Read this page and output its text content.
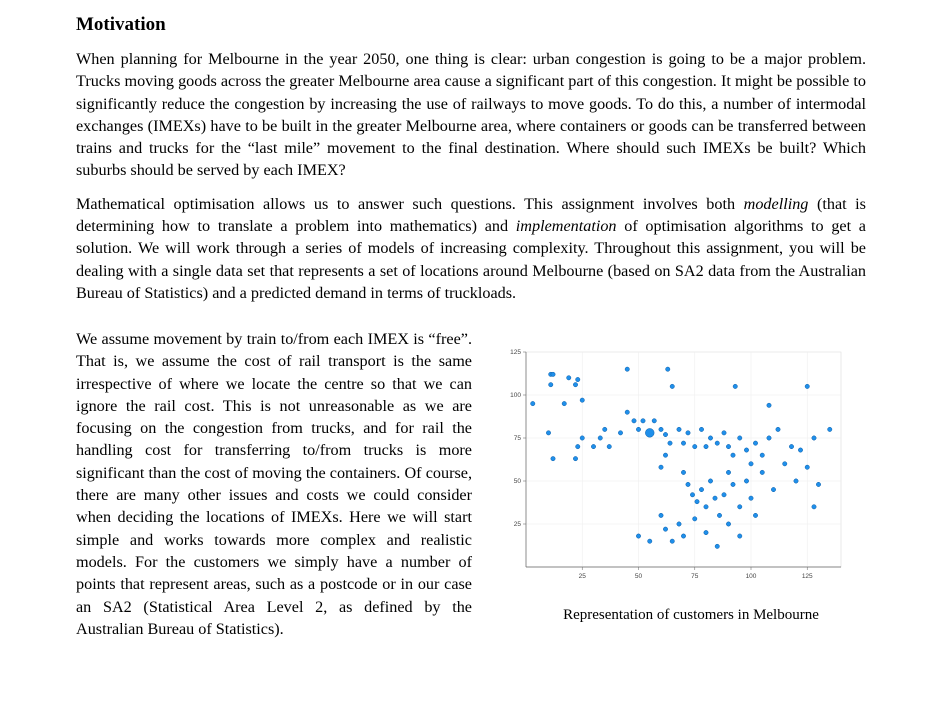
Motivation

When planning for Melbourne in the year 2050, one thing is clear: urban congestion is going to be a major problem. Trucks moving goods across the greater Melbourne area cause a significant part of this congestion. It might be possible to significantly reduce the congestion by increasing the use of railways to move goods. To do this, a number of intermodal exchanges (IMEXs) have to be built in the greater Melbourne area, where containers or goods can be transferred between trains and trucks for the “last mile” movement to the final destination. Where should such IMEXs be built? Which suburbs should be served by each IMEX?

Mathematical optimisation allows us to answer such questions. This assignment involves both modelling (that is determining how to translate a problem into mathematics) and implementation of optimisation algorithms to get a solution. We will work through a series of models of increasing complexity. Throughout this assignment, you will be dealing with a single data set that represents a set of locations around Melbourne (based on SA2 data from the Australian Bureau of Statistics) and a predicted demand in terms of truckloads.

We assume movement by train to/from each IMEX is “free”. That is, we assume the cost of rail transport is the same irrespective of where we locate the centre so that we can ignore the rail cost. This is not unreasonable as we are focusing on the congestion from trucks, and for rail the handling cost for transferring to/from trucks is more significant than the cost of moving the containers. Of course, there are many other issues and costs we could consider when deciding the locations of IMEXs. Here we will start simple and works towards more complex and realistic models. For the customers we simply have a number of points that represent areas, such as a postcode or in our case an SA2 (Statistical Area Level 2, as defined by the Australian Bureau of Statistics).

25	50	75	100	125
25
50
75
100
125
Representation of customers in Melbourne
